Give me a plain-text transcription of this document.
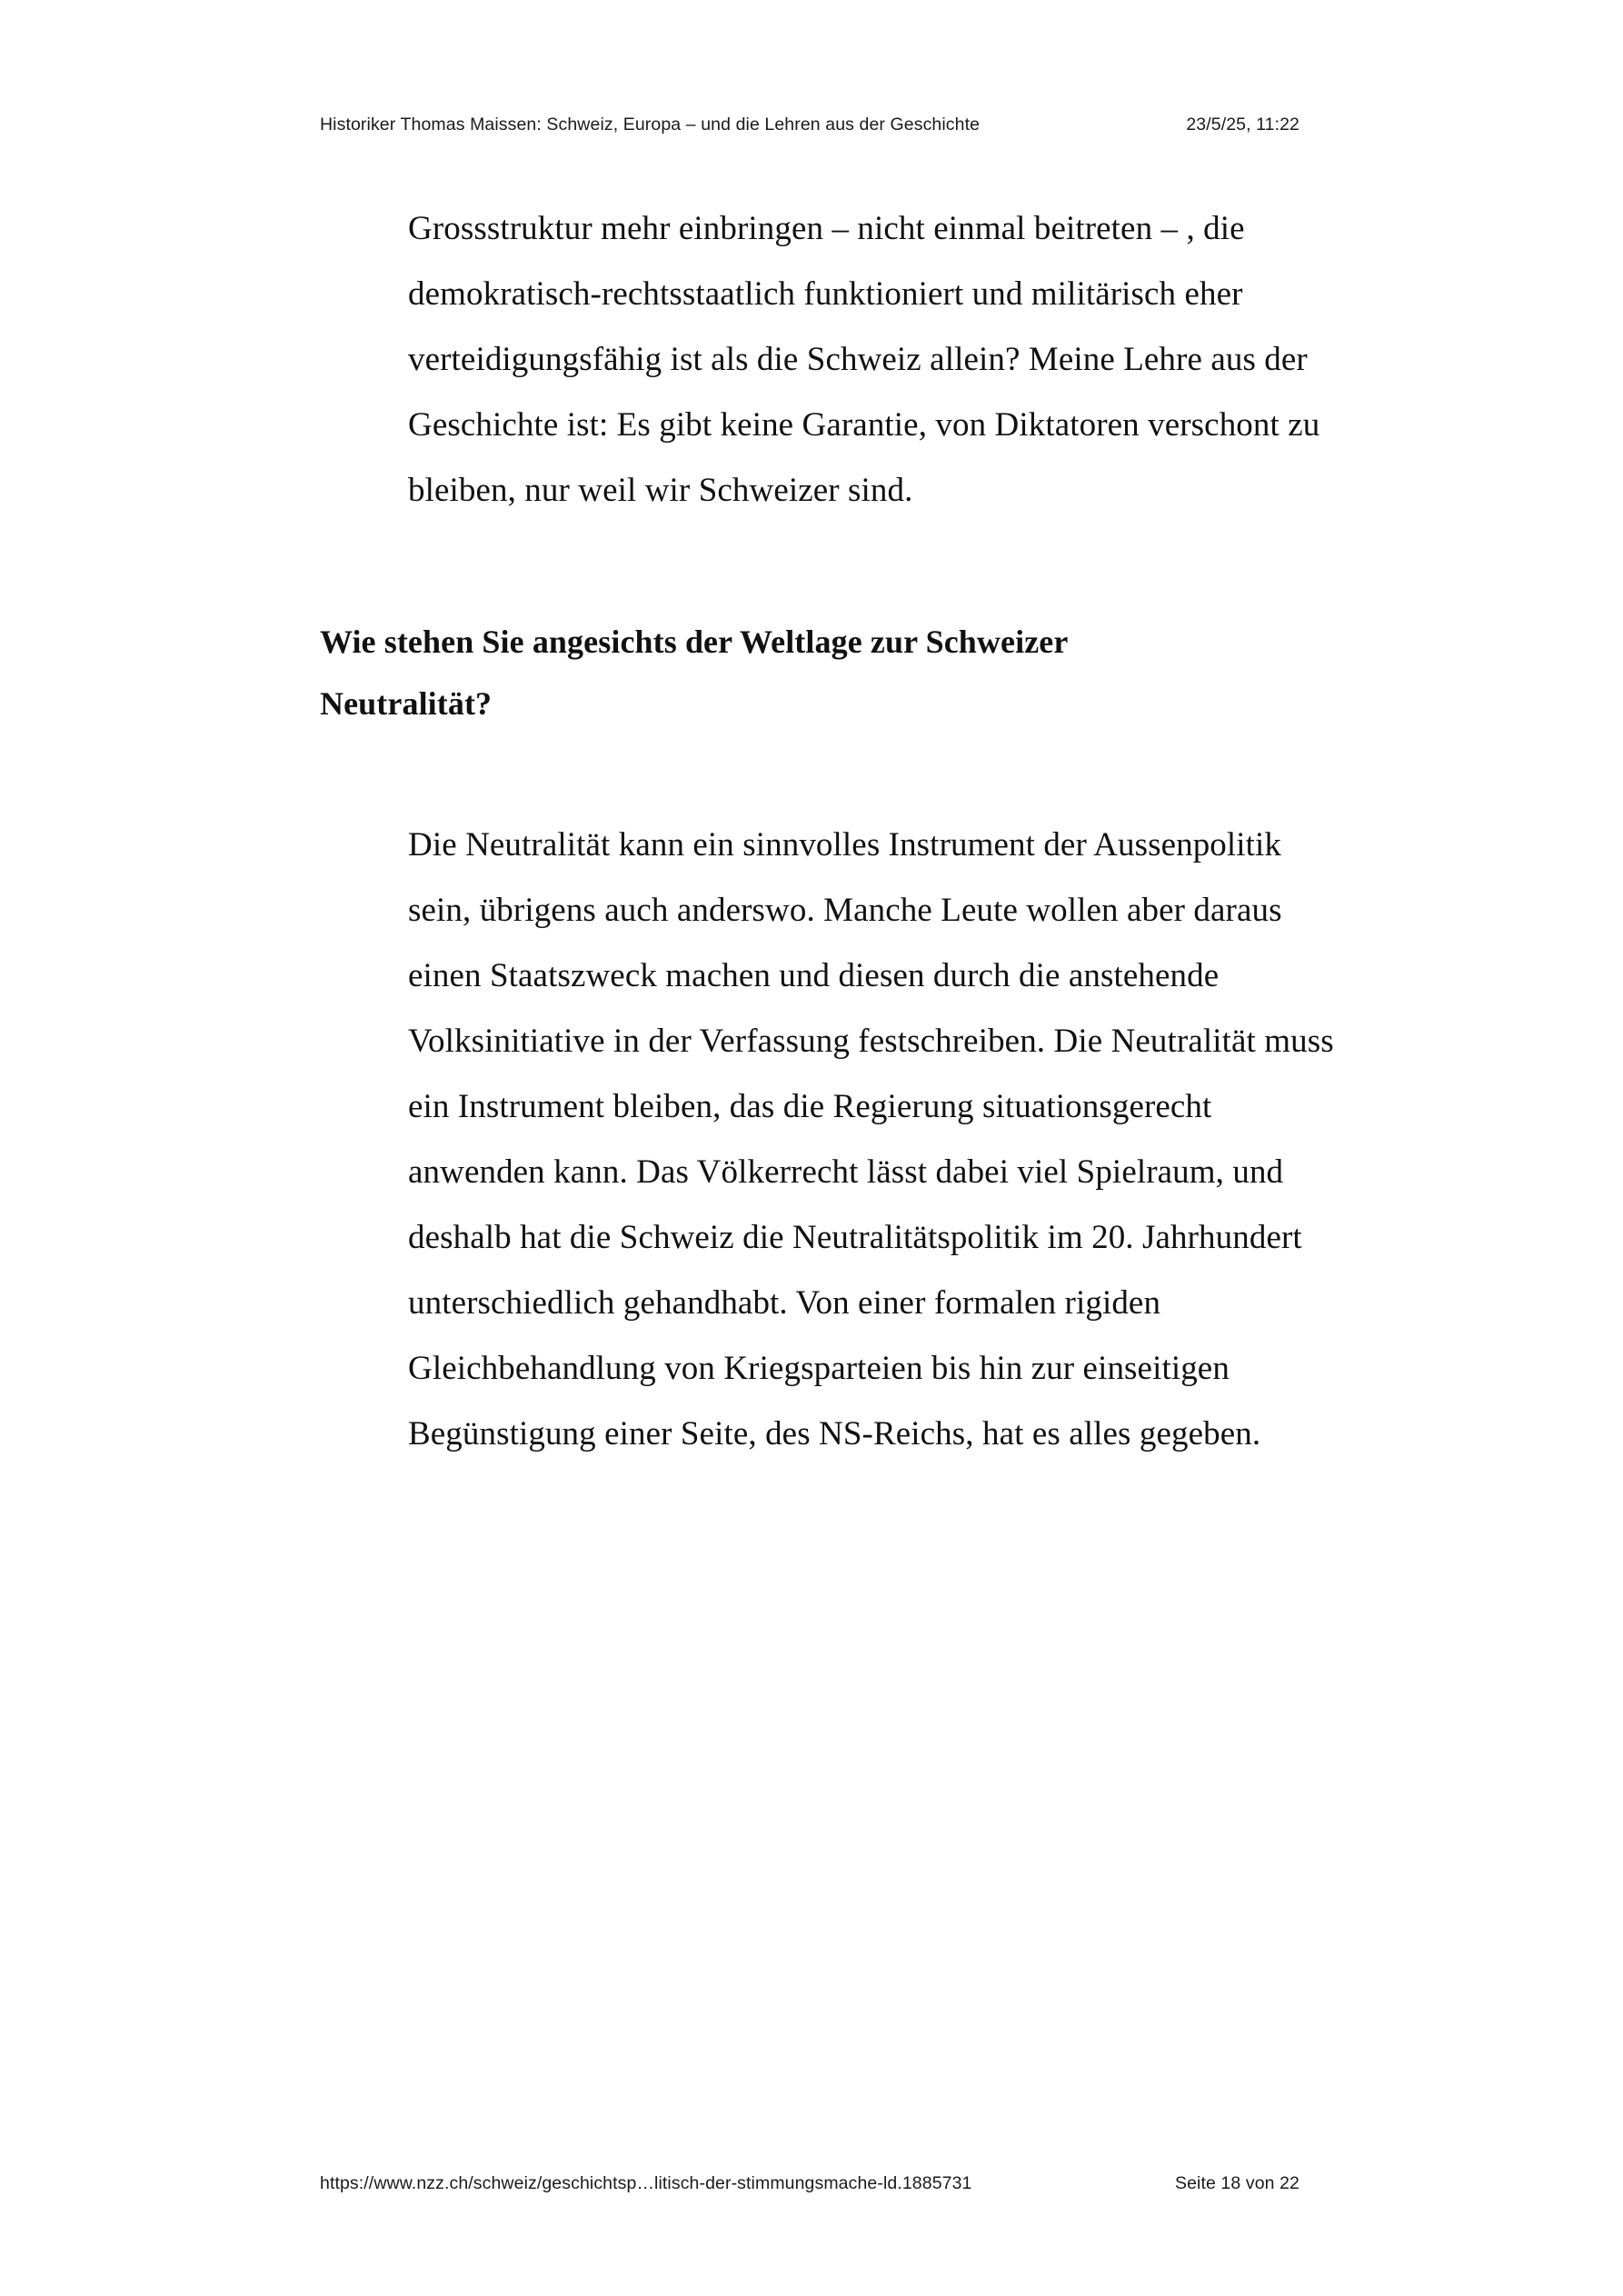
Historiker Thomas Maissen: Schweiz, Europa – und die Lehren aus der Geschichte	23/5/25, 11:22

Grossstruktur mehr einbringen – nicht einmal beitreten – , die demokratisch-rechtsstaatlich funktioniert und militärisch eher verteidigungsfähig ist als die Schweiz allein? Meine Lehre aus der Geschichte ist: Es gibt keine Garantie, von Diktatoren verschont zu bleiben, nur weil wir Schweizer sind.

Wie stehen Sie angesichts der Weltlage zur Schweizer Neutralität?

Die Neutralität kann ein sinnvolles Instrument der Aussenpolitik sein, übrigens auch anderswo. Manche Leute wollen aber daraus einen Staatszweck machen und diesen durch die anstehende Volksinitiative in der Verfassung festschreiben. Die Neutralität muss ein Instrument bleiben, das die Regierung situationsgerecht anwenden kann. Das Völkerrecht lässt dabei viel Spielraum, und deshalb hat die Schweiz die Neutralitätspolitik im 20. Jahrhundert unterschiedlich gehandhabt. Von einer formalen rigiden Gleichbehandlung von Kriegsparteien bis hin zur einseitigen Begünstigung einer Seite, des NS-Reichs, hat es alles gegeben.

https://www.nzz.ch/schweiz/geschichtsp…litisch-der-stimmungsmache-ld.1885731	Seite 18 von 22
